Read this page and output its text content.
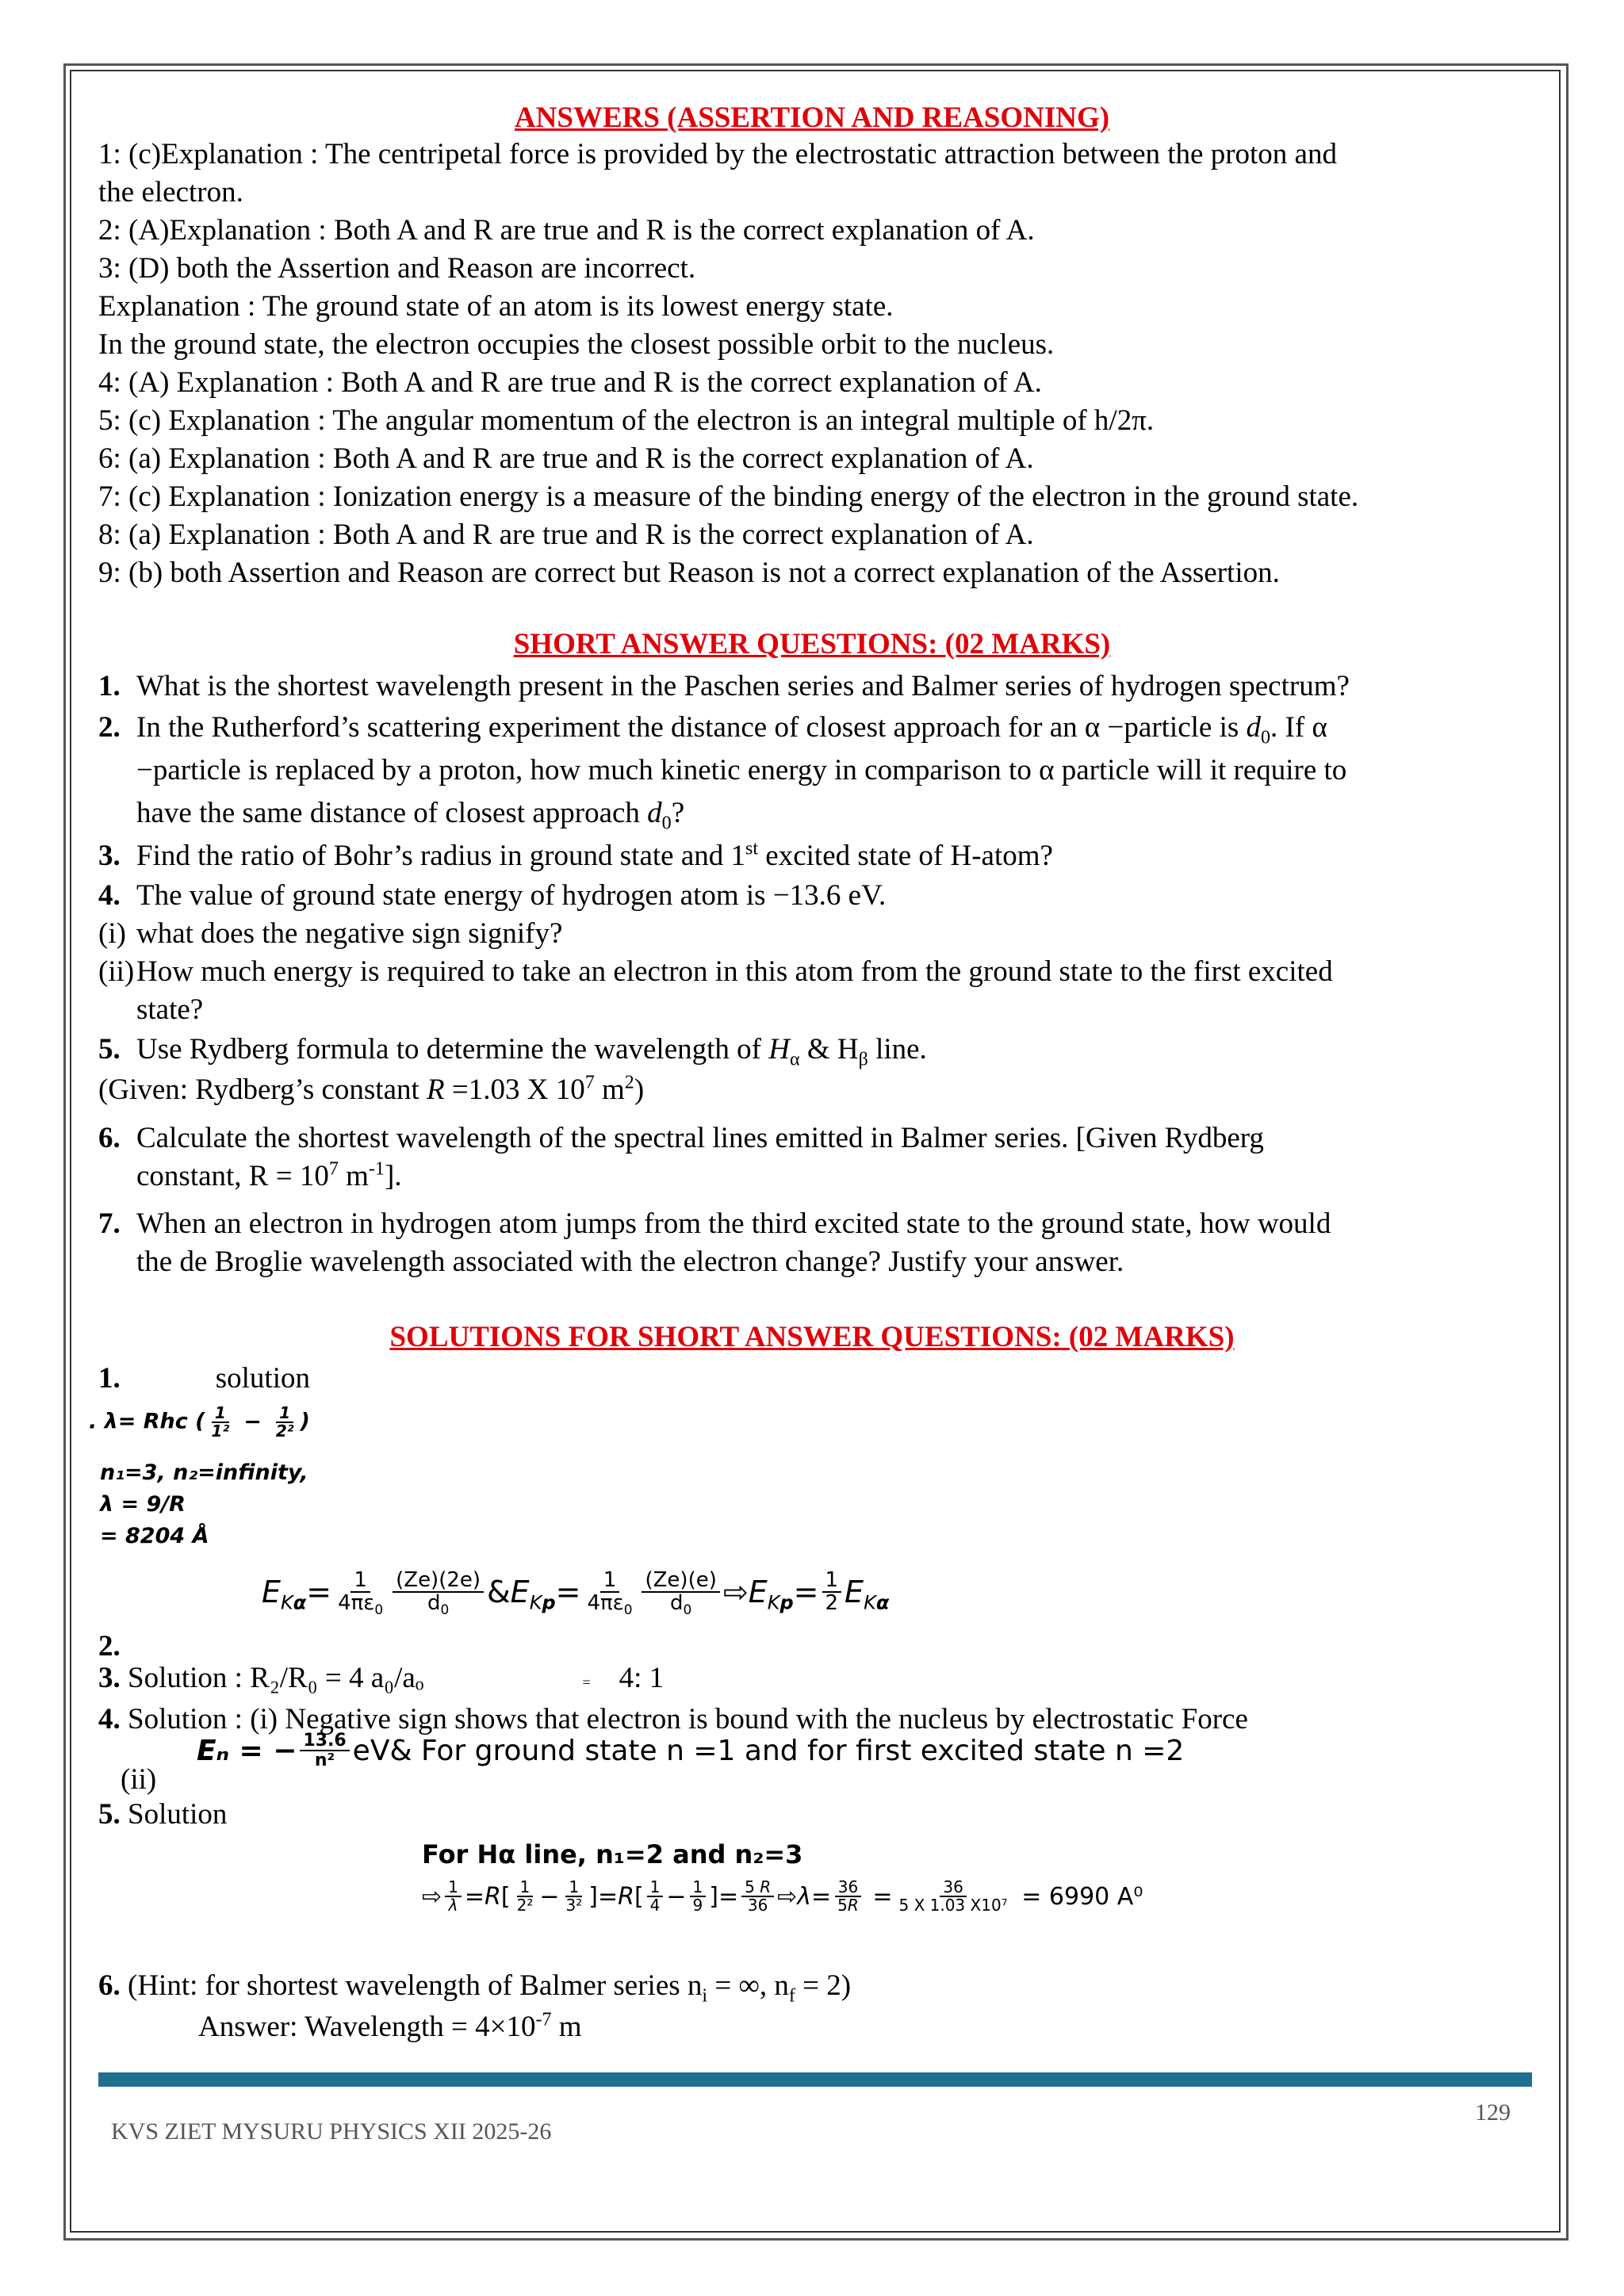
ANSWERS (ASSERTION AND REASONING)
1: (c)Explanation : The centripetal force is provided by the electrostatic attraction between the proton and
the electron.
2: (A)Explanation : Both A and R are true and R is the correct explanation of A.
3: (D) both the Assertion and Reason are incorrect.
Explanation : The ground state of an atom is its lowest energy state.
In the ground state, the electron occupies the closest possible orbit to the nucleus.
4: (A) Explanation : Both A and R are true and R is the correct explanation of A.
5: (c) Explanation : The angular momentum of the electron is an integral multiple of h/2π.
6: (a) Explanation : Both A and R are true and R is the correct explanation of A.
7: (c) Explanation : Ionization energy is a measure of the binding energy of the electron in the ground state.
8: (a) Explanation : Both A and R are true and R is the correct explanation of A.
9: (b) both Assertion and Reason are correct but Reason is not a correct explanation of the Assertion.
SHORT ANSWER QUESTIONS: (02 MARKS)
1. What is the shortest wavelength present in the Paschen series and Balmer series of hydrogen spectrum?
2. In the Rutherford’s scattering experiment the distance of closest approach for an α −particle is $d_0$. If α
−particle is replaced by a proton, how much kinetic energy in comparison to α particle will it require to
have the same distance of closest approach $d_0$?
3. Find the ratio of Bohr’s radius in ground state and 1st excited state of H-atom?
4. The value of ground state energy of hydrogen atom is −13.6 eV.
(i) what does the negative sign signify?
(ii) How much energy is required to take an electron in this atom from the ground state to the first excited
state?
5. Use Rydberg formula to determine the wavelength of $H_\alpha$ & $H_\beta$ line.
(Given: Rydberg’s constant R =1.03 X $10^7$ $m^2$)
6. Calculate the shortest wavelength of the spectral lines emitted in Balmer series. [Given Rydberg
constant, $R = 10^7$ $m^{-1}$].
7. When an electron in hydrogen atom jumps from the third excited state to the ground state, how would
the de Broglie wavelength associated with the electron change? Justify your answer.
SOLUTIONS FOR SHORT ANSWER QUESTIONS: (02 MARKS)
1.	solution
. λ= Rhc ( $\frac{1}{\text{1²}} - \frac{1}{\text{2²}}$ )
n₁=3, n₂=infinity,
λ = 9/R
= 8204 Å
$E_{K\alpha} = \frac{1}{4\pi\varepsilon_0} \frac{(Ze)(2e)}{d_0}$ & $E_{Kp} = \frac{1}{4\pi\varepsilon_0} \frac{(Ze)(e)}{d_0}$ ⇨ $E_{Kp} = \frac{1}{2} E_{K\alpha}$
2.
3. Solution : R₂/R₀ = 4 a₀/aₒ	= 4: 1
4. Solution : (i) Negative sign shows that electron is bound with the nucleus by electrostatic Force
(ii)
Eₙ = − $\frac{13.6}{\text{n²}}$ eV& For ground state n =1 and for first excited state n =2
5. Solution
For Hα line, n₁=2 and n₂=3
⇨ $\frac{1}{\lambda} = R$ [ $\frac{1}{\text{2²}} - \frac{1}{\text{3²}}$ ]= R [ $\frac{1}{4} - \frac{1}{9}$ ]= $\frac{5 R}{36}$ ⇨ $\lambda = \frac{36}{5R} = \frac{36}{\text{5 X 1.03 X10⁷}}$
= 6990 A⁰
6. (Hint: for shortest wavelength of Balmer series $n_i$ = ∞, $n_f = 2$)
Answer: Wavelength = $4\times 10^{-7}$ m
KVS ZIET MYSURU PHYSICS XII 2025-26
129
